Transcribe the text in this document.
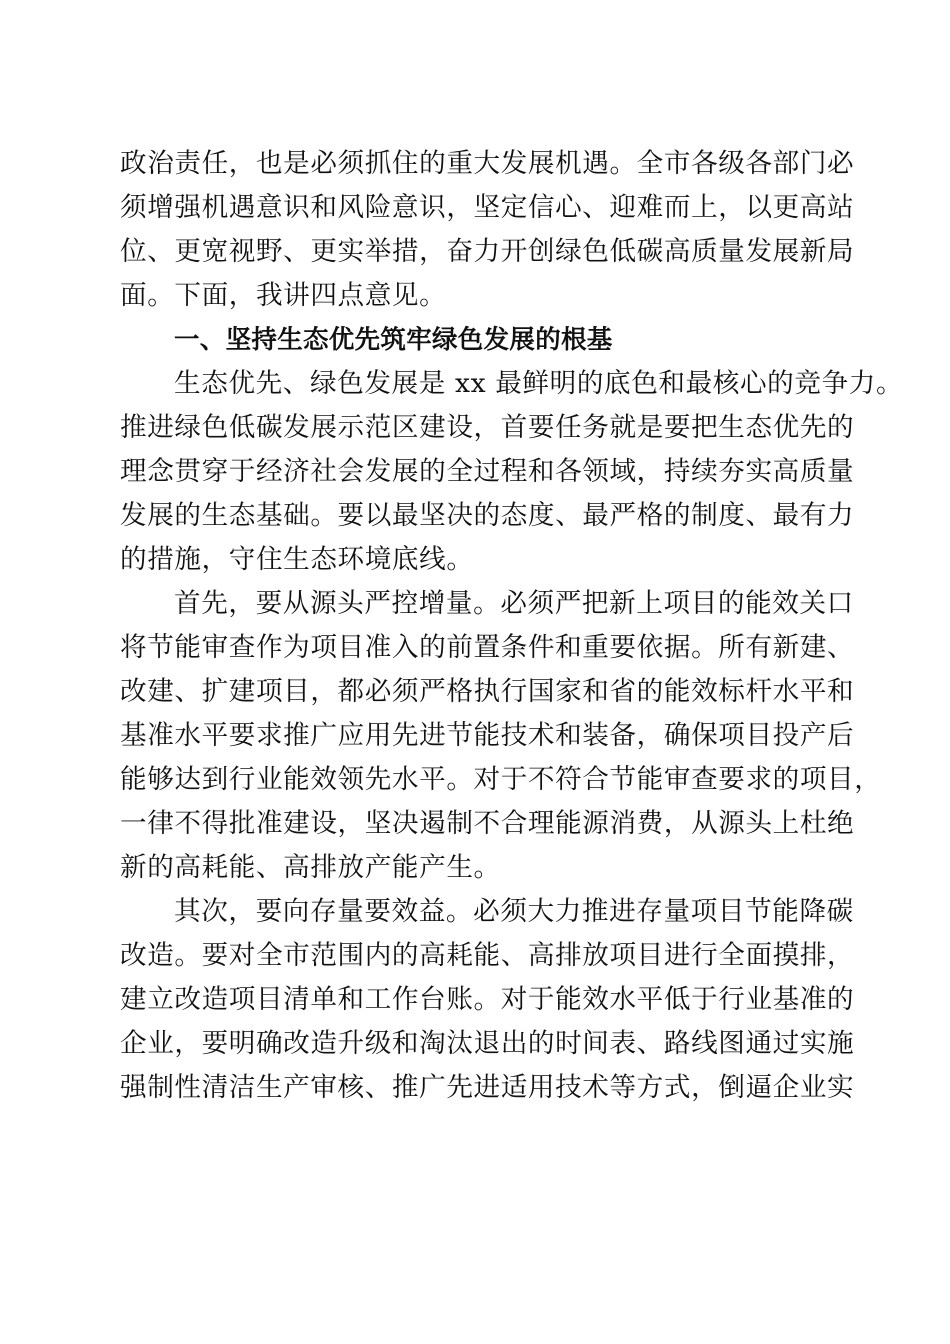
政治责任，也是必须抓住的重大发展机遇。全市各级各部门必
须增强机遇意识和风险意识，坚定信心、迎难而上，以更高站
位、更宽视野、更实举措，奋力开创绿色低碳高质量发展新局
面。下面，我讲四点意见。
一、坚持生态优先筑牢绿色发展的根基
生态优先、绿色发展是 xx 最鲜明的底色和最核心的竞争力。
推进绿色低碳发展示范区建设，首要任务就是要把生态优先的
理念贯穿于经济社会发展的全过程和各领域，持续夯实高质量
发展的生态基础。要以最坚决的态度、最严格的制度、最有力
的措施，守住生态环境底线。
首先，要从源头严控增量。必须严把新上项目的能效关口
将节能审查作为项目准入的前置条件和重要依据。所有新建、
改建、扩建项目，都必须严格执行国家和省的能效标杆水平和
基准水平要求推广应用先进节能技术和装备，确保项目投产后
能够达到行业能效领先水平。对于不符合节能审查要求的项目，
一律不得批准建设，坚决遏制不合理能源消费，从源头上杜绝
新的高耗能、高排放产能产生。
其次，要向存量要效益。必须大力推进存量项目节能降碳
改造。要对全市范围内的高耗能、高排放项目进行全面摸排，
建立改造项目清单和工作台账。对于能效水平低于行业基准的
企业，要明确改造升级和淘汰退出的时间表、路线图通过实施
强制性清洁生产审核、推广先进适用技术等方式，倒逼企业实
